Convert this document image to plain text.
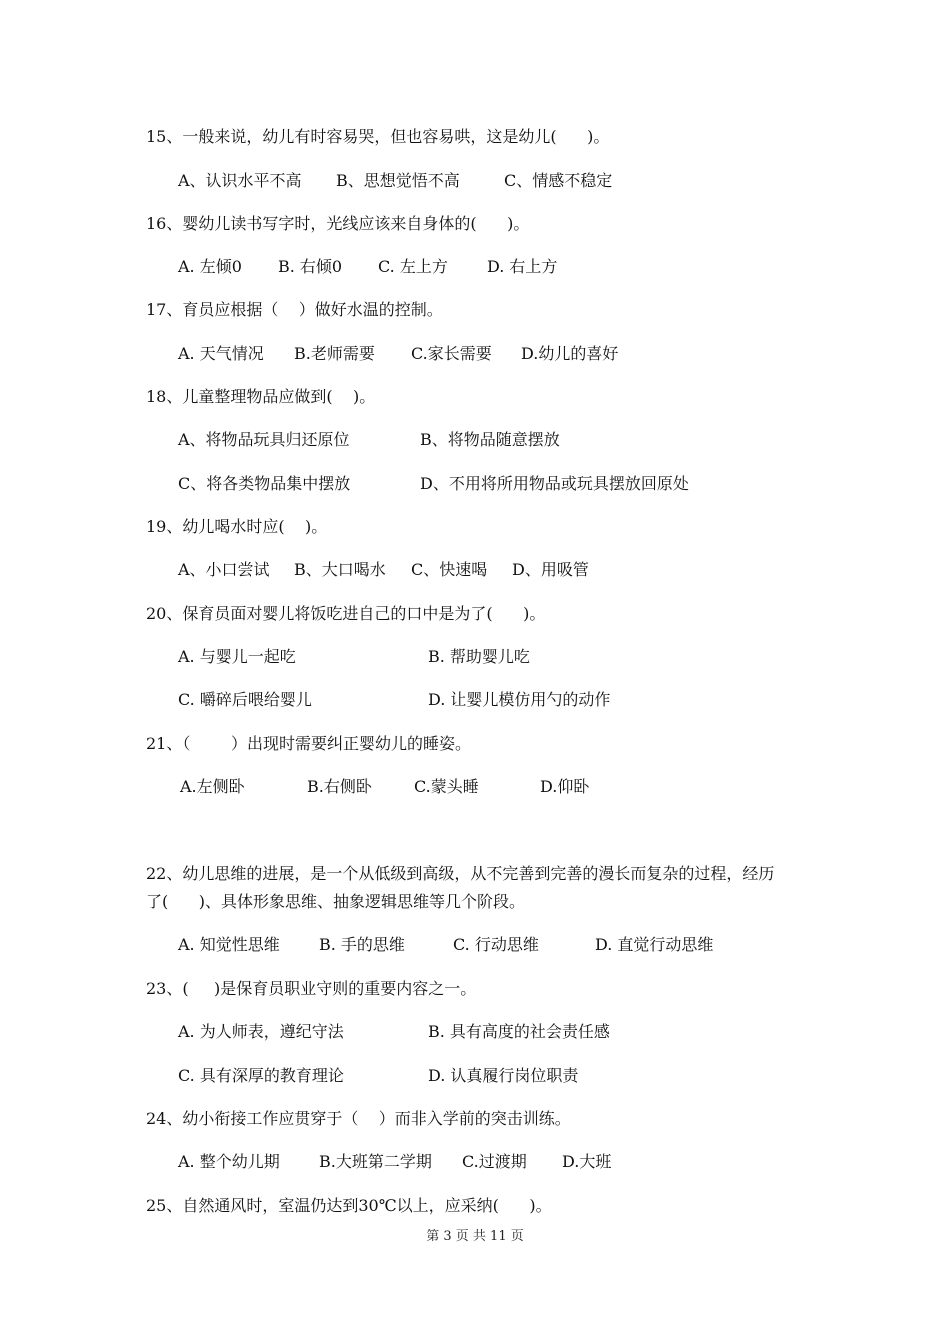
15、一般来说，幼儿有时容易哭，但也容易哄，这是幼儿(      )。
A、认识水平不高 B、思想觉悟不高	C、情感不稳定
16、婴幼儿读书写字时，光线应该来自身体的(      )。
A. 左倾0 B. 右倾0 C. 左上方 D. 右上方
17、育员应根据（    ）做好水温的控制。
A. 天气情况 B.老师需要 C.家长需要 D.幼儿的喜好
18、儿童整理物品应做到(    )。
A、将物品玩具归还原位	B、将物品随意摆放
C、将各类物品集中摆放	D、不用将所用物品或玩具摆放回原处
19、幼儿喝水时应(    )。
A、小口尝试 B、大口喝水 C、快速喝 D、用吸管
20、保育员面对婴儿将饭吃进自己的口中是为了(      )。
A. 与婴儿一起吃	B. 帮助婴儿吃
C. 嚼碎后喂给婴儿	D. 让婴儿模仿用勺的动作
21、（        ）出现时需要纠正婴幼儿的睡姿。
A.左侧卧	B.右侧卧	C.蒙头睡	D.仰卧
22、幼儿思维的进展，是一个从低级到高级，从不完善到完善的漫长而复杂的过程，经历
了(      )、具体形象思维、抽象逻辑思维等几个阶段。
A. 知觉性思维 B. 手的思维	C. 行动思维	D. 直觉行动思维
23、(     )是保育员职业守则的重要内容之一。
A. 为人师表，遵纪守法	B. 具有高度的社会责任感
C. 具有深厚的教育理论	D. 认真履行岗位职责
24、幼小衔接工作应贯穿于（    ）而非入学前的突击训练。
A. 整个幼儿期 B.大班第二学期 C.过渡期 D.大班
25、自然通风时，室温仍达到30℃以上，应采纳(      )。
第 3 页 共 11 页
